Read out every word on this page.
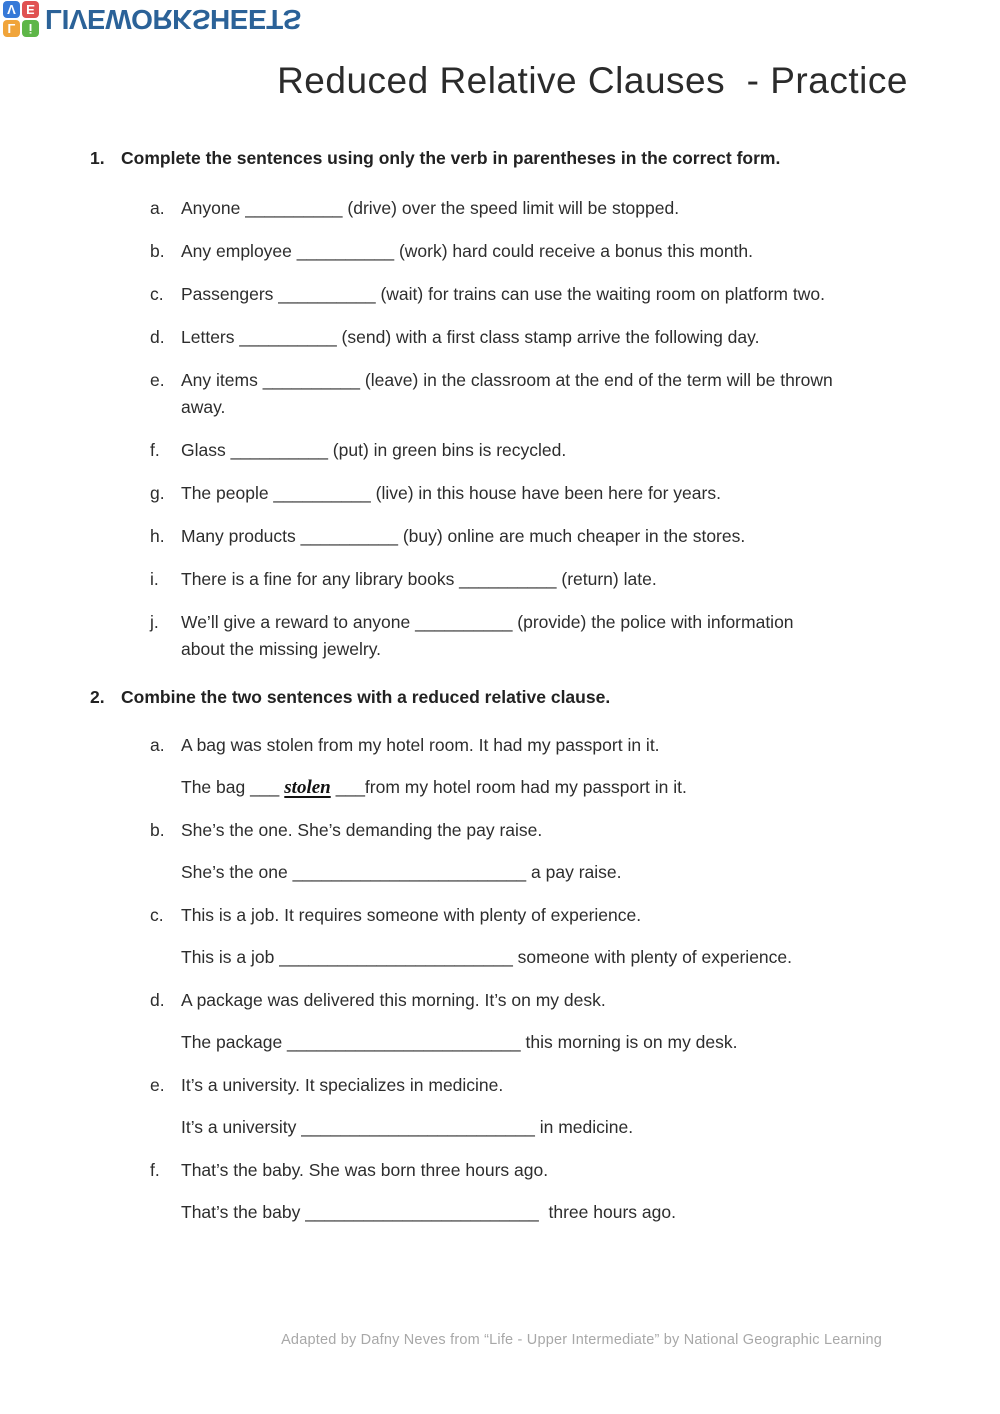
L	i
V E LIVEWORKSHEETS
Reduced Relative Clauses  - Practice
1. Complete the sentences using only the verb in parentheses in the correct form.
a. Anyone __________ (drive) over the speed limit will be stopped.
b. Any employee __________ (work) hard could receive a bonus this month.
c. Passengers __________ (wait) for trains can use the waiting room on platform two.
d. Letters __________ (send) with a first class stamp arrive the following day.
e. Any items __________ (leave) in the classroom at the end of the term will be thrown
away.
f.	Glass __________ (put) in green bins is recycled.
g. The people __________ (live) in this house have been here for years.
h. Many products __________ (buy) online are much cheaper in the stores.
i.	There is a fine for any library books __________ (return) late.
j.	We’ll give a reward to anyone __________ (provide) the police with information
about the missing jewelry.
2. Combine the two sentences with a reduced relative clause.
a. A bag was stolen from my hotel room. It had my passport in it.
The bag ___ stolen ___from my hotel room had my passport in it.
b. She’s the one. She’s demanding the pay raise.
She’s the one ________________________ a pay raise.
c. This is a job. It requires someone with plenty of experience.
This is a job ________________________ someone with plenty of experience.
d. A package was delivered this morning. It’s on my desk.
The package ________________________ this morning is on my desk.
e. It’s a university. It specializes in medicine.
It’s a university ________________________ in medicine.
f.	That’s the baby. She was born three hours ago.
That’s the baby ________________________  three hours ago.
Adapted by Dafny Neves from “Life - Upper Intermediate” by National Geographic Learning
